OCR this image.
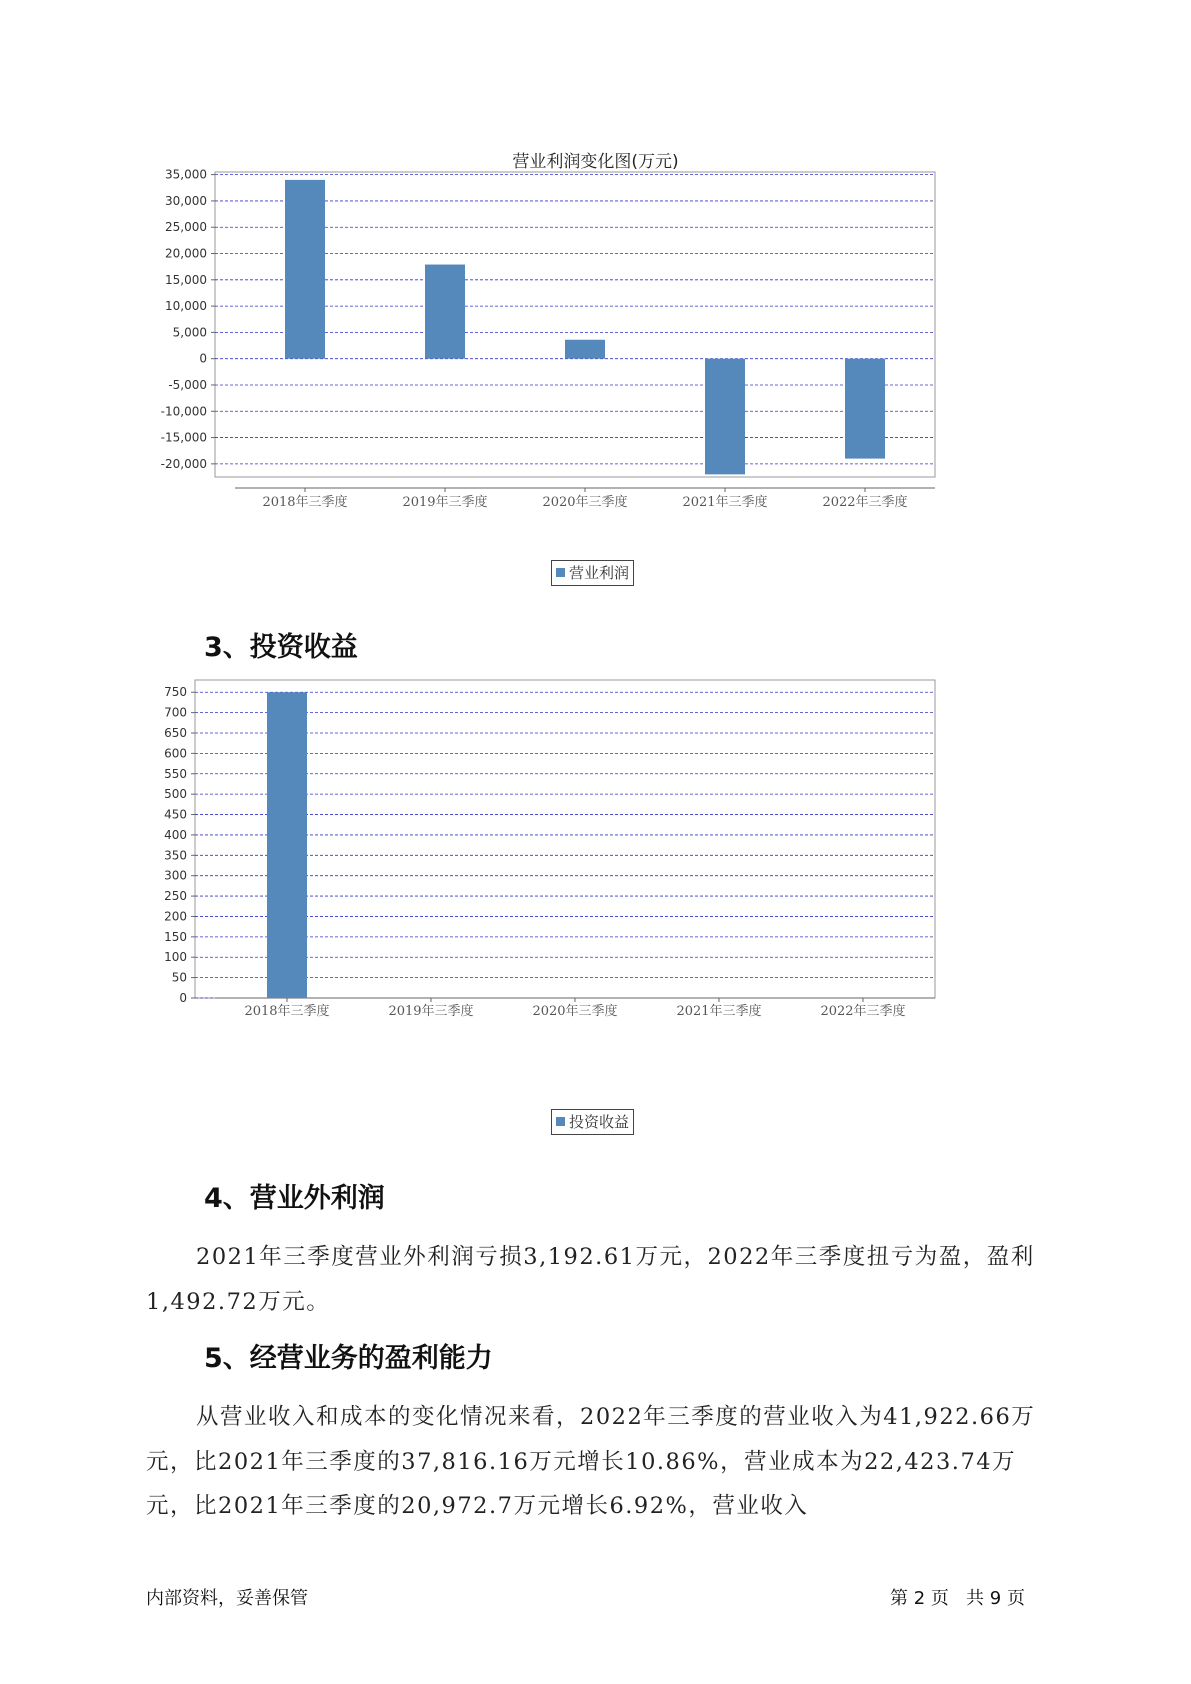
营业利润变化图(万元)
35,000
30,000
25,000
20,000
15,000
10,000
5,000
0
-5,000
-10,000
-15,000
-20,000
2018年三季度	2019年三季度	2020年三季度	2021年三季度	2022年三季度
营业利润
3、投资收益
750
700
650
600
550
500
450
400
350
300
250
200
150
100
50
0
2018年三季度	2019年三季度	2020年三季度	2021年三季度	2022年三季度
投资收益
4、营业外利润
2021年三季度营业外利润亏损3,192.61万元，2022年三季度扭亏为盈，盈利1,492.72万元。
5、经营业务的盈利能力
从营业收入和成本的变化情况来看，2022年三季度的营业收入为41,922.66万元，比2021年三季度的37,816.16万元增长10.86%，营业成本为22,423.74万元，比2021年三季度的20,972.7万元增长6.92%，营业收入
内部资料，妥善保管	第 2 页   共 9 页
